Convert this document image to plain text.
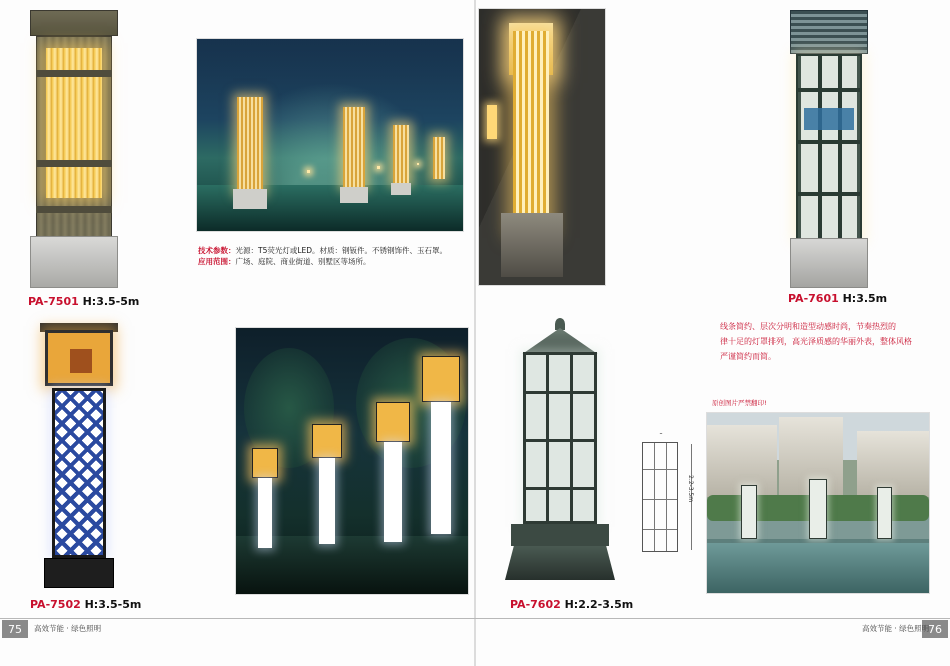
PA-7501 H:3.5-5m
技术参数：光源：T5荧光灯或LED。材质：钢钣件。不锈钢饰件、玉石罩。
应用范围：广场、庭院、商业街道、别墅区等场所。
PA-7502 H:3.5-5m
PA-7601 H:3.5m
线条简约、层次分明和造型动感时尚，节奏热烈的
律十足的灯罩排列，高光泽质感的华丽外表，整体风格
严谨简约而简。
PA-7602 H:2.2-3.5m
2.2-3.5m
原创图片严禁翻印!
75	高效节能 · 绿色照明	76
高效节能 · 绿色照明
